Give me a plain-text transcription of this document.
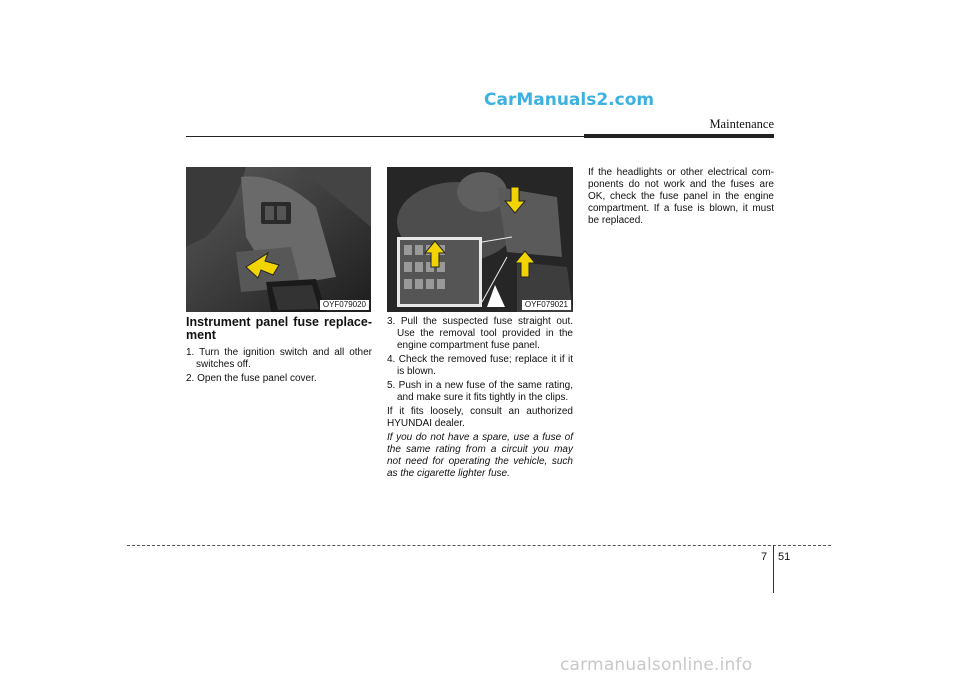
CarManuals2.com
Maintenance
OYF079020	OYF079021
Instrument panel fuse replace-ment

1. Turn the ignition switch and all other switches off.

2. Open the fuse panel cover.

3. Pull the suspected fuse straight out. Use the removal tool provided in the engine compartment fuse panel.

4. Check the removed fuse; replace it if it is blown.

5. Push in a new fuse of the same rating, and make sure it fits tightly in the clips.

If it fits loosely, consult an authorized HYUNDAI dealer.

If you do not have a spare, use a fuse of the same rating from a circuit you may not need for operating the vehicle, such as the cigarette lighter fuse.

If the headlights or other electrical com-ponents do not work and the fuses are OK, check the fuse panel in the engine compartment. If a fuse is blown, it must be replaced.

7 51
carmanualsonline.info
